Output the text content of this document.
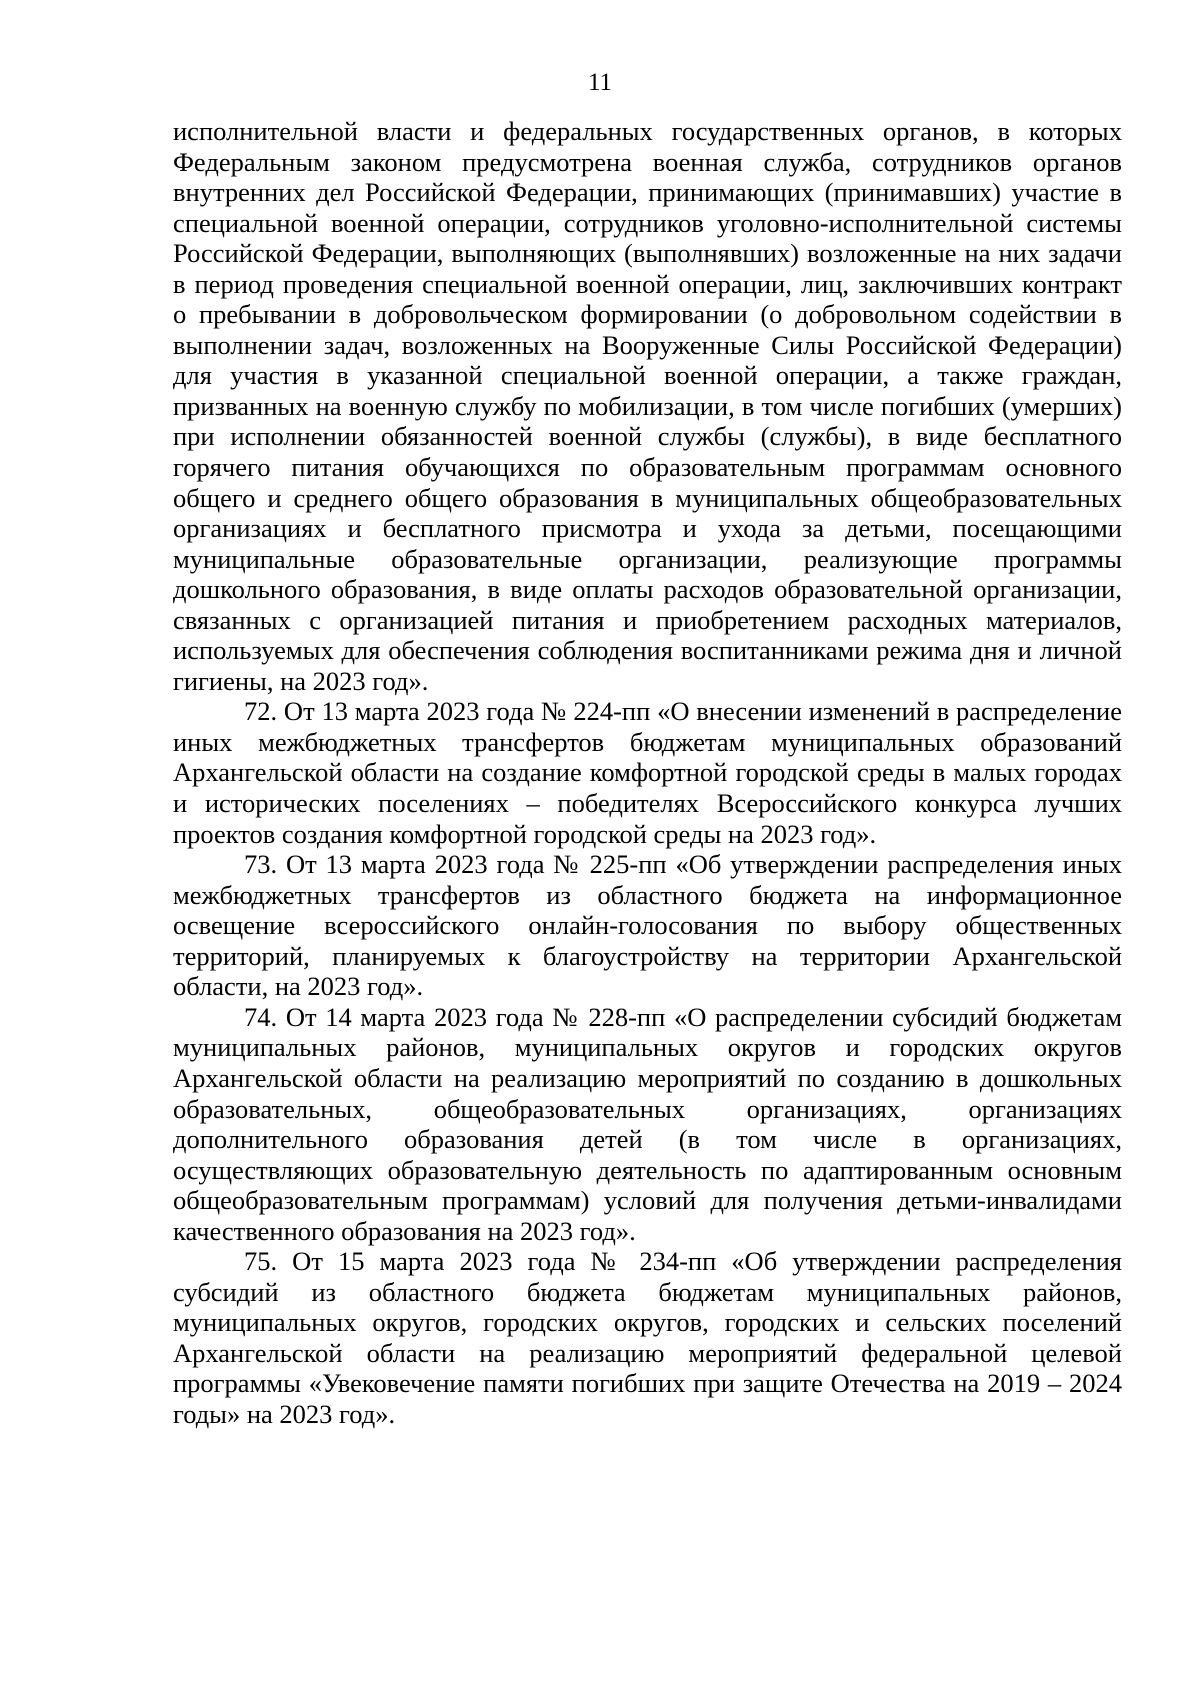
11

исполнительной власти и федеральных государственных органов, в которых Федеральным законом предусмотрена военная служба, сотрудников органов внутренних дел Российской Федерации, принимающих (принимавших) участие в специальной военной операции, сотрудников уголовно-исполнительной системы Российской Федерации, выполняющих (выполнявших) возложенные на них задачи в период проведения специальной военной операции, лиц, заключивших контракт о пребывании в добровольческом формировании (о добровольном содействии в выполнении задач, возложенных на Вооруженные Силы Российской Федерации) для участия в указанной специальной военной операции, а также граждан, призванных на военную службу по мобилизации, в том числе погибших (умерших) при исполнении обязанностей военной службы (службы), в виде бесплатного горячего питания обучающихся по образовательным программам основного общего и среднего общего образования в муниципальных общеобразовательных организациях и бесплатного присмотра и ухода за детьми, посещающими муниципальные образовательные организации, реализующие программы дошкольного образования, в виде оплаты расходов образовательной организации, связанных с организацией питания и приобретением расходных материалов, используемых для обеспечения соблюдения воспитанниками режима дня и личной гигиены, на 2023 год».

72. От 13 марта 2023 года № 224-пп «О внесении изменений в распределение иных межбюджетных трансфертов бюджетам муниципальных образований Архангельской области на создание комфортной городской среды в малых городах и исторических поселениях – победителях Всероссийского конкурса лучших проектов создания комфортной городской среды на 2023 год».

73. От 13 марта 2023 года № 225-пп «Об утверждении распределения иных межбюджетных трансфертов из областного бюджета на информационное освещение всероссийского онлайн-голосования по выбору общественных территорий, планируемых к благоустройству на территории Архангельской области, на 2023 год».

74. От 14 марта 2023 года № 228-пп «О распределении субсидий бюджетам муниципальных районов, муниципальных округов и городских округов Архангельской области на реализацию мероприятий по созданию в дошкольных образовательных, общеобразовательных организациях, организациях дополнительного образования детей (в том числе в организациях, осуществляющих образовательную деятельность по адаптированным основным общеобразовательным программам) условий для получения детьми-инвалидами качественного образования на 2023 год».

75. От 15 марта 2023 года № 234-пп «Об утверждении распределения субсидий из областного бюджета бюджетам муниципальных районов, муниципальных округов, городских округов, городских и сельских поселений Архангельской области на реализацию мероприятий федеральной целевой программы «Увековечение памяти погибших при защите Отечества на 2019 – 2024 годы» на 2023 год».
